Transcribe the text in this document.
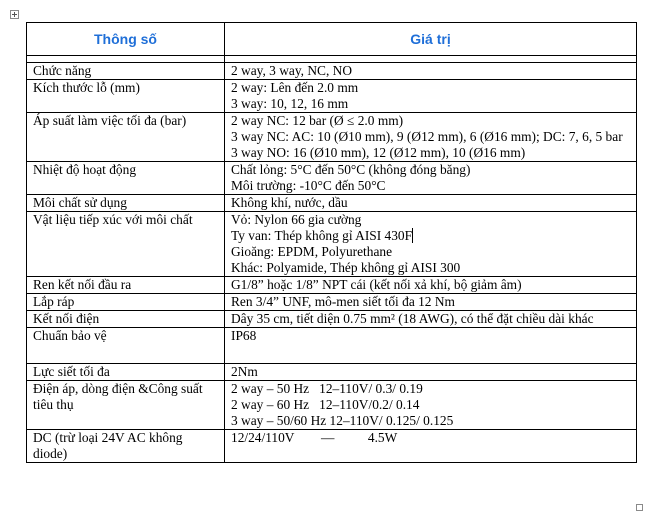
Thông số	Giá trị

Chức năng	2 way, 3 way, NC, NO

Kích thước lỗ (mm)	2 way: Lên đến 2.0 mm
3 way: 10, 12, 16 mm

Áp suất làm việc tối đa (bar)	2 way NC: 12 bar (Ø ≤ 2.0 mm)
3 way NC: AC: 10 (Ø10 mm), 9 (Ø12 mm), 6 (Ø16 mm); DC: 7, 6, 5 bar
3 way NO: 16 (Ø10 mm), 12 (Ø12 mm), 10 (Ø16 mm)

Nhiệt độ hoạt động	Chất lỏng: 5°C đến 50°C (không đóng băng)
Môi trường: -10°C đến 50°C

Môi chất sử dụng	Không khí, nước, dầu

Vật liệu tiếp xúc với môi chất	Vỏ: Nylon 66 gia cường
Ty van: Thép không gỉ AISI 430F
Gioăng: EPDM, Polyurethane
Khác: Polyamide, Thép không gỉ AISI 300

Ren kết nối đầu ra	G1/8” hoặc 1/8” NPT cái (kết nối xả khí, bộ giảm âm)

Lắp ráp	Ren 3/4” UNF, mô-men siết tối đa 12 Nm

Kết nối điện	Dây 35 cm, tiết diện 0.75 mm² (18 AWG), có thể đặt chiều dài khác

Chuẩn bảo vệ	IP68

Lực siết tối đa	2Nm

Điện áp, dòng điện &Công suất tiêu thụ	2 way – 50 Hz   12–110V/ 0.3/ 0.19
2 way – 60 Hz   12–110V/0.2/ 0.14
3 way – 50/60 Hz 12–110V/ 0.125/ 0.125

DC (trừ loại 24V AC không diode)	12/24/110V        —          4.5W
